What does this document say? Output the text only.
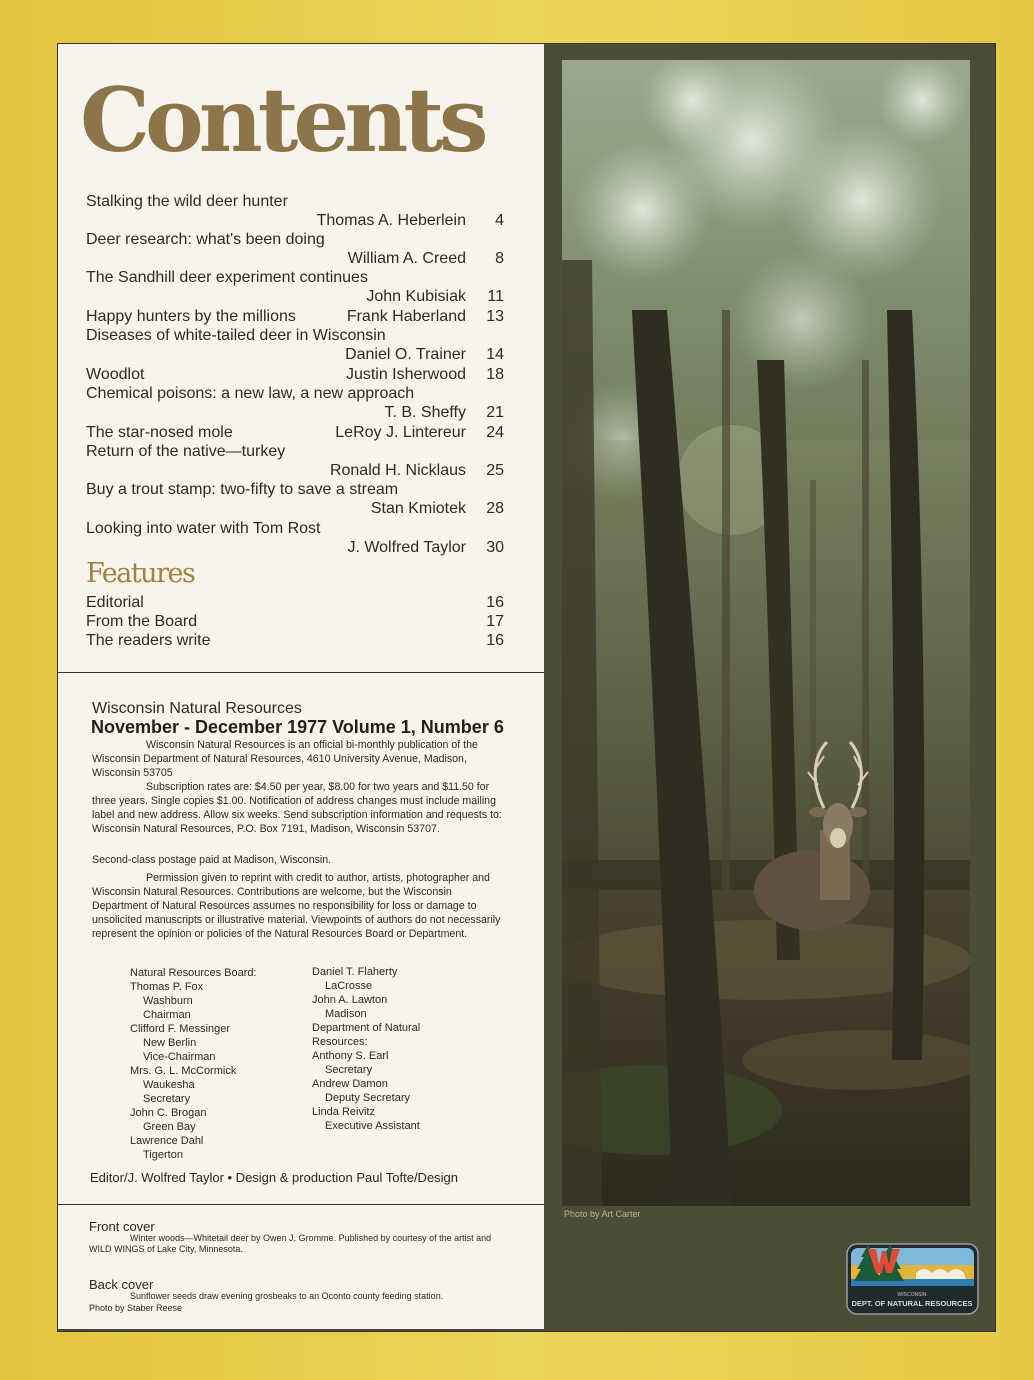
Contents
Stalking the wild deer hunter
Thomas A. Heberlein	4
Deer research: what's been doing
William A. Creed	8
The Sandhill deer experiment continues
John Kubisiak	11
Happy hunters by the millions	Frank Haberland	13
Diseases of white-tailed deer in Wisconsin
Daniel O. Trainer	14
Woodlot	Justin Isherwood	18
Chemical poisons: a new law, a new approach
T. B. Sheffy	21
The star-nosed mole	LeRoy J. Lintereur	24
Return of the native—turkey
Ronald H. Nicklaus	25
Buy a trout stamp: two-fifty to save a stream
Stan Kmiotek	28
Looking into water with Tom Rost
J. Wolfred Taylor	30
Features
Editorial	16
From the Board	17
The readers write	16
Wisconsin Natural Resources
November - December 1977 Volume 1, Number 6
Wisconsin Natural Resources is an official bi-monthly publication of the Wisconsin Department of Natural Resources, 4610 University Avenue, Madison, Wisconsin 53705
Subscription rates are: $4.50 per year, $8.00 for two years and $11.50 for three years. Single copies $1.00. Notification of address changes must include mailing label and new address. Allow six weeks. Send subscription information and requests to: Wisconsin Natural Resources, P.O. Box 7191, Madison, Wisconsin 53707.
Second-class postage paid at Madison, Wisconsin.
Permission given to reprint with credit to author, artists, photographer and Wisconsin Natural Resources. Contributions are welcome, but the Wisconsin Department of Natural Resources assumes no responsibility for loss or damage to unsolicited manuscripts or illustrative material. Viewpoints of authors do not necessarily represent the opinion or policies of the Natural Resources Board or Department.
Natural Resources Board:
Thomas P. Fox
Washburn
Chairman
Clifford F. Messinger
New Berlin
Vice-Chairman
Mrs. G. L. McCormick
Waukesha
Secretary
John C. Brogan
Green Bay
Lawrence Dahl
Tigerton
Daniel T. Flaherty
LaCrosse
John A. Lawton
Madison
Department of Natural
Resources:
Anthony S. Earl
Secretary
Andrew Damon
Deputy Secretary
Linda Reivitz
Executive Assistant
Editor/J. Wolfred Taylor • Design & production Paul Tofte/Design
Front cover
Winter woods—Whitetail deer by Owen J. Gromme. Published by courtesy of the artist and WILD WINGS of Lake City, Minnesota.
Back cover
Sunflower seeds draw evening grosbeaks to an Oconto county feeding station.
Photo by Staber Reese
Photo by Art Carter
WISCONSIN
DEPT. OF NATURAL RESOURCES
